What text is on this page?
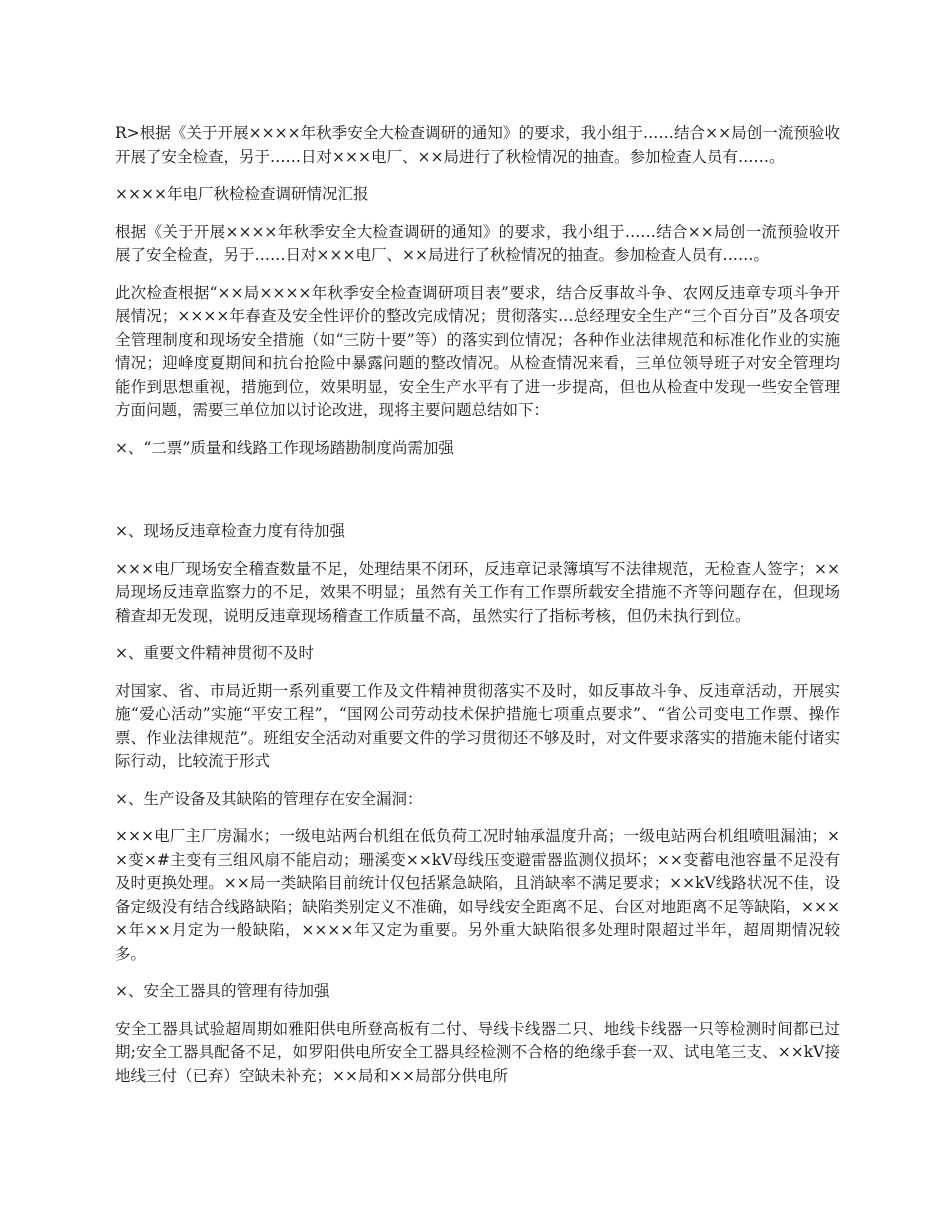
R>根据《关于开展××××年秋季安全大检查调研的通知》的要求，我小组于……结合××局创一流预验收开展了安全检查，另于……日对×××电厂、××局进行了秋检情况的抽查。参加检查人员有……。

××××年电厂秋检检查调研情况汇报

根据《关于开展××××年秋季安全大检查调研的通知》的要求，我小组于……结合××局创一流预验收开展了安全检查，另于……日对×××电厂、××局进行了秋检情况的抽查。参加检查人员有……。

此次检查根据“××局××××年秋季安全检查调研项目表”要求，结合反事故斗争、农网反违章专项斗争开展情况；××××年春查及安全性评价的整改完成情况；贯彻落实…总经理安全生产“三个百分百”及各项安全管理制度和现场安全措施（如“三防十要”等）的落实到位情况；各种作业法律规范和标准化作业的实施情况；迎峰度夏期间和抗台抢险中暴露问题的整改情况。从检查情况来看，三单位领导班子对安全管理均能作到思想重视，措施到位，效果明显，安全生产水平有了进一步提高，但也从检查中发现一些安全管理方面问题，需要三单位加以讨论改进，现将主要问题总结如下：

×、“二票”质量和线路工作现场踏勘制度尚需加强

×、现场反违章检查力度有待加强

×××电厂现场安全稽查数量不足，处理结果不闭环，反违章记录簿填写不法律规范，无检查人签字；××局现场反违章监察力的不足，效果不明显；虽然有关工作有工作票所载安全措施不齐等问题存在，但现场稽查却无发现，说明反违章现场稽查工作质量不高，虽然实行了指标考核，但仍未执行到位。

×、重要文件精神贯彻不及时

对国家、省、市局近期一系列重要工作及文件精神贯彻落实不及时，如反事故斗争、反违章活动，开展实施“爱心活动”实施“平安工程”，“国网公司劳动技术保护措施七项重点要求”、“省公司变电工作票、操作票、作业法律规范”。班组安全活动对重要文件的学习贯彻还不够及时，对文件要求落实的措施未能付诸实际行动，比较流于形式

×、生产设备及其缺陷的管理存在安全漏洞：

×××电厂主厂房漏水；一级电站两台机组在低负荷工况时轴承温度升高；一级电站两台机组喷咀漏油；××变×#主变有三组风扇不能启动；珊溪变××kV母线压变避雷器监测仪损坏；××变蓄电池容量不足没有及时更换处理。××局一类缺陷目前统计仅包括紧急缺陷，且消缺率不满足要求；××kV线路状况不佳，设备定级没有结合线路缺陷；缺陷类别定义不准确，如导线安全距离不足、台区对地距离不足等缺陷，××××年××月定为一般缺陷，××××年又定为重要。另外重大缺陷很多处理时限超过半年，超周期情况较多。

×、安全工器具的管理有待加强

安全工器具试验超周期如雅阳供电所登高板有二付、导线卡线器二只、地线卡线器一只等检测时间都已过期;安全工器具配备不足，如罗阳供电所安全工器具经检测不合格的绝缘手套一双、试电笔三支、××kV接地线三付（已弃）空缺未补充；××局和××局部分供电所
